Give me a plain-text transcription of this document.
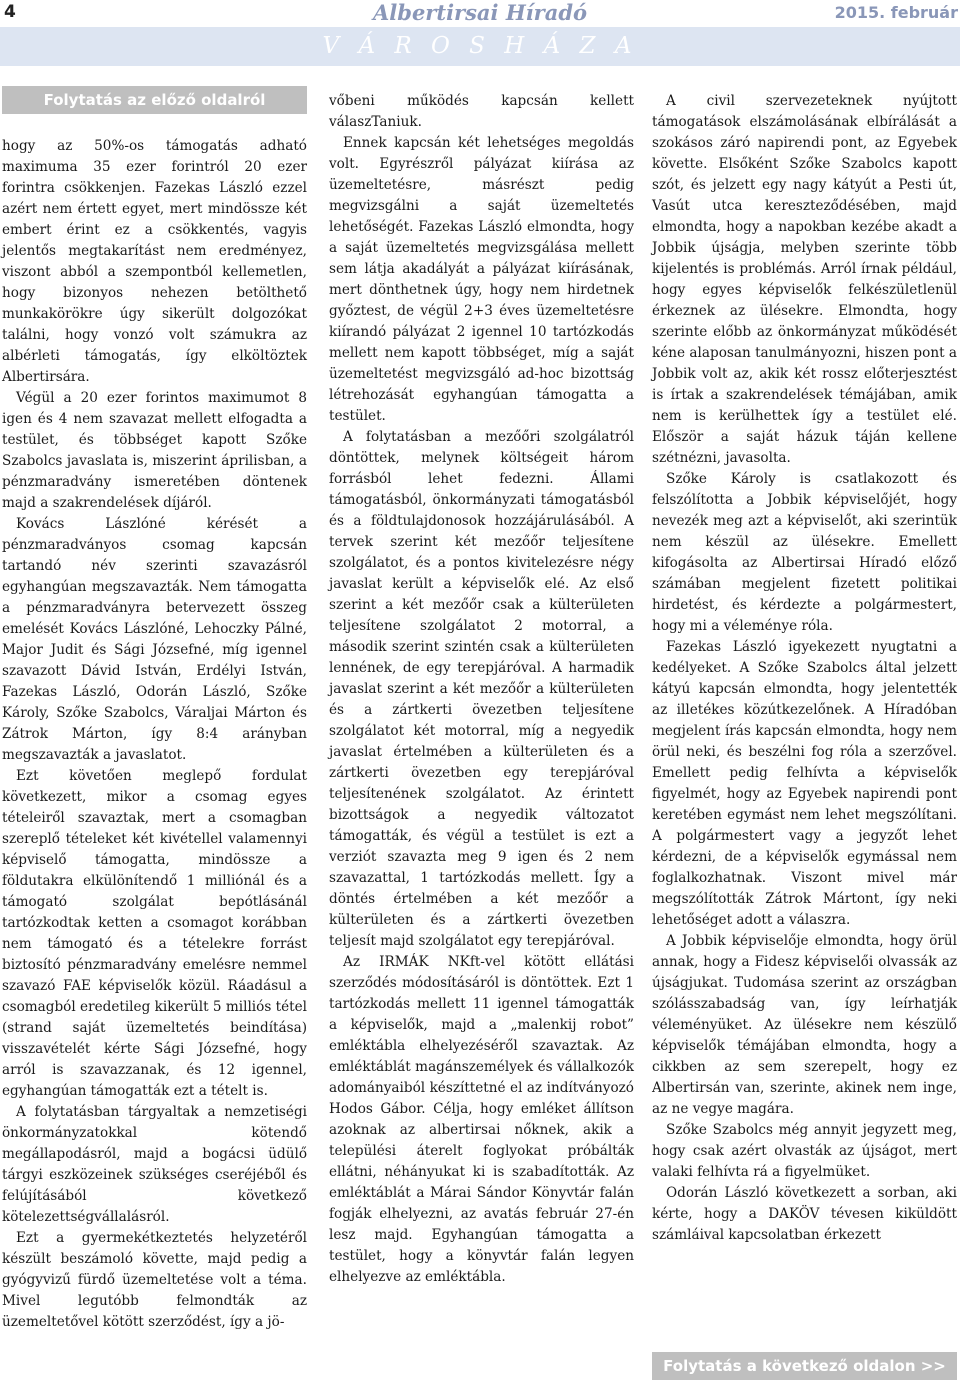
4	Albertirsai Híradó	2015. február
V Á R O S H Á Z A
Folytatás az előző oldalról

hogy az 50%-os támogatás adható maximuma 35 ezer forintról 20 ezer forintra csökkenjen. Fazekas László ezzel azért nem értett egyet, mert mindössze két embert érint ez a csökkentés, vagyis jelentős megtakarítást nem eredményez, viszont abból a szempontból kellemetlen, hogy bizonyos nehezen betölthető munkakörökre úgy sikerült dolgozókat találni, hogy vonzó volt számukra az albérleti támogatás, így elköltöztek Albertirsára.

Végül a 20 ezer forintos maximumot 8 igen és 4 nem szavazat mellett elfogadta a testület, és többséget kapott Szőke Szabolcs javaslata is, miszerint áprilisban, a pénzmaradvány ismeretében döntenek majd a szakrendelések díjáról.

Kovács Lászlóné kérését a pénzmaradványos csomag kapcsán tartandó név szerinti szavazásról egyhangúan megszavazták. Nem támogatta a pénzmaradványra betervezett összeg emelését Kovács Lászlóné, Lehoczky Pálné, Major Judit és Sági Józsefné, míg igennel szavazott Dávid István, Erdélyi István, Fazekas László, Odorán László, Szőke Károly, Szőke Szabolcs, Váraljai Márton és Zátrok Márton, így 8:4 arányban megszavazták a javaslatot.

Ezt követően meglepő fordulat következett, mikor a csomag egyes tételeiről szavaztak, mert a csomagban szereplő tételeket két kivétellel valamennyi képviselő támogatta, mindössze a földutakra elkülönítendő 1 milliónál és a támogató szolgálat bepótlásánál tartózkodtak ketten a csomagot korábban nem támogató és a tételekre forrást biztosító pénzmaradvány emelésre nemmel szavazó FAE képviselők közül. Ráadásul a csomagból eredetileg kikerült 5 milliós tétel (strand saját üzemeltetés beindítása) visszavételét kérte Sági Józsefné, hogy arról is szavazzanak, és 12 igennel, egyhangúan támogatták ezt a tételt is.

A folytatásban tárgyaltak a nemzetiségi önkormányzatokkal kötendő megállapodásról, majd a bogácsi üdülő tárgyi eszközeinek szükséges cseréjéből és felújításából következő kötelezettségvállalásról.

Ezt a gyermekétkeztetés helyzetéről készült beszámoló követte, majd pedig a gyógyvizű fürdő üzemeltetése volt a téma. Mivel legutóbb felmondták az üzemeltetővel kötött szerződést, így a jö-

vőbeni működés kapcsán kellett válaszTaniuk.

Ennek kapcsán két lehetséges megoldás volt. Egyrészről pályázat kiírása az üzemeltetésre, másrészt pedig megvizsgálni a saját üzemeltetés lehetőségét. Fazekas László elmondta, hogy a saját üzemeltetés megvizsgálása mellett sem látja akadályát a pályázat kiírásának, mert dönthetnek úgy, hogy nem hirdetnek győztest, de végül 2+3 éves üzemeltetésre kiírandó pályázat 2 igennel 10 tartózkodás mellett nem kapott többséget, míg a saját üzemeltetést megvizsgáló ad-hoc bizottság létrehozását egyhangúan támogatta a testület.

A folytatásban a mezőőri szolgálatról döntöttek, melynek költségeit három forrásból lehet fedezni. Állami támogatásból, önkormányzati támogatásból és a földtulajdonosok hozzájárulásából. A tervek szerint két mezőőr teljesítene szolgálatot, és a pontos kivitelezésre négy javaslat került a képviselők elé. Az első szerint a két mezőőr csak a külterületen teljesítene szolgálatot 2 motorral, a második szerint szintén csak a külterületen lennének, de egy terepjáróval. A harmadik javaslat szerint a két mezőőr a külterületen és a zártkerti övezetben teljesítene szolgálatot két motorral, míg a negyedik javaslat értelmében a külterületen és a zártkerti övezetben egy terepjáróval teljesítenének szolgálatot. Az érintett bizottságok a negyedik változatot támogatták, és végül a testület is ezt a verziót szavazta meg 9 igen és 2 nem szavazattal, 1 tartózkodás mellett. Így a döntés értelmében a két mezőőr a külterületen és a zártkerti övezetben teljesít majd szolgálatot egy terepjáróval.

Az IRMÁK NKft-vel kötött ellátási szerződés módosításáról is döntöttek. Ezt 1 tartózkodás mellett 11 igennel támogatták a képviselők, majd a „malenkij robot” emléktábla elhelyezéséről szavaztak. Az emléktáblát magánszemélyek és vállalkozók adományaiból készíttetné el az indítványozó Hodos Gábor. Célja, hogy emléket állítson azoknak az albertirsai nőknek, akik a települési áterelt foglyokat próbálták ellátni, néhányukat ki is szabadították. Az emléktáblát a Márai Sándor Könyvtár falán fogják elhelyezni, az avatás február 27-én lesz majd. Egyhangúan támogatta a testület, hogy a könyvtár falán legyen elhelyezve az emléktábla.

A civil szervezeteknek nyújtott támogatások elszámolásának elbírálását a szokásos záró napirendi pont, az Egyebek követte. Elsőként Szőke Szabolcs kapott szót, és jelzett egy nagy kátyút a Pesti út, Vasút utca kereszteződésében, majd elmondta, hogy a napokban kezébe akadt a Jobbik újságja, melyben szerinte több kijelentés is problémás. Arról írnak például, hogy egyes képviselők felkészületlenül érkeznek az ülésekre. Elmondta, hogy szerinte előbb az önkormányzat működését kéne alaposan tanulmányozni, hiszen pont a Jobbik volt az, akik két rossz előterjesztést is írtak a szakrendelések témájában, amik nem is kerülhettek így a testület elé. Először a saját házuk táján kellene szétnézni, javasolta.

Szőke Károly is csatlakozott és felszólította a Jobbik képviselőjét, hogy nevezék meg azt a képviselőt, aki szerintük nem készül az ülésekre. Emellett kifogásolta az Albertirsai Híradó előző számában megjelent fizetett politikai hirdetést, és kérdezte a polgármestert, hogy mi a véleménye róla.

Fazekas László igyekezett nyugtatni a kedélyeket. A Szőke Szabolcs által jelzett kátyú kapcsán elmondta, hogy jelentették az illetékes közútkezelőnek. A Híradóban megjelent írás kapcsán elmondta, hogy nem örül neki, és beszélni fog róla a szerzővel. Emellett pedig felhívta a képviselők figyelmét, hogy az Egyebek napirendi pont keretében egymást nem lehet megszólítani. A polgármestert vagy a jegyzőt lehet kérdezni, de a képviselők egymással nem foglalkozhatnak. Viszont mivel már megszólították Zátrok Mártont, így neki lehetőséget adott a válaszra.

A Jobbik képviselője elmondta, hogy örül annak, hogy a Fidesz képviselői olvassák az újságjukat. Tudomása szerint az országban szólásszabadság van, így leírhatják véleményüket. Az ülésekre nem készülő képviselők témájában elmondta, hogy a cikkben az sem szerepelt, hogy ez Albertirsán van, szerinte, akinek nem inge, az ne vegye magára.

Szőke Szabolcs még annyit jegyzett meg, hogy csak azért olvasták az újságot, mert valaki felhívta rá a figyelmüket.

Odorán László következett a sorban, aki kérte, hogy a DAKÖV tévesen kiküldött számláival kapcsolatban érkezett

Folytatás a következő oldalon >>
